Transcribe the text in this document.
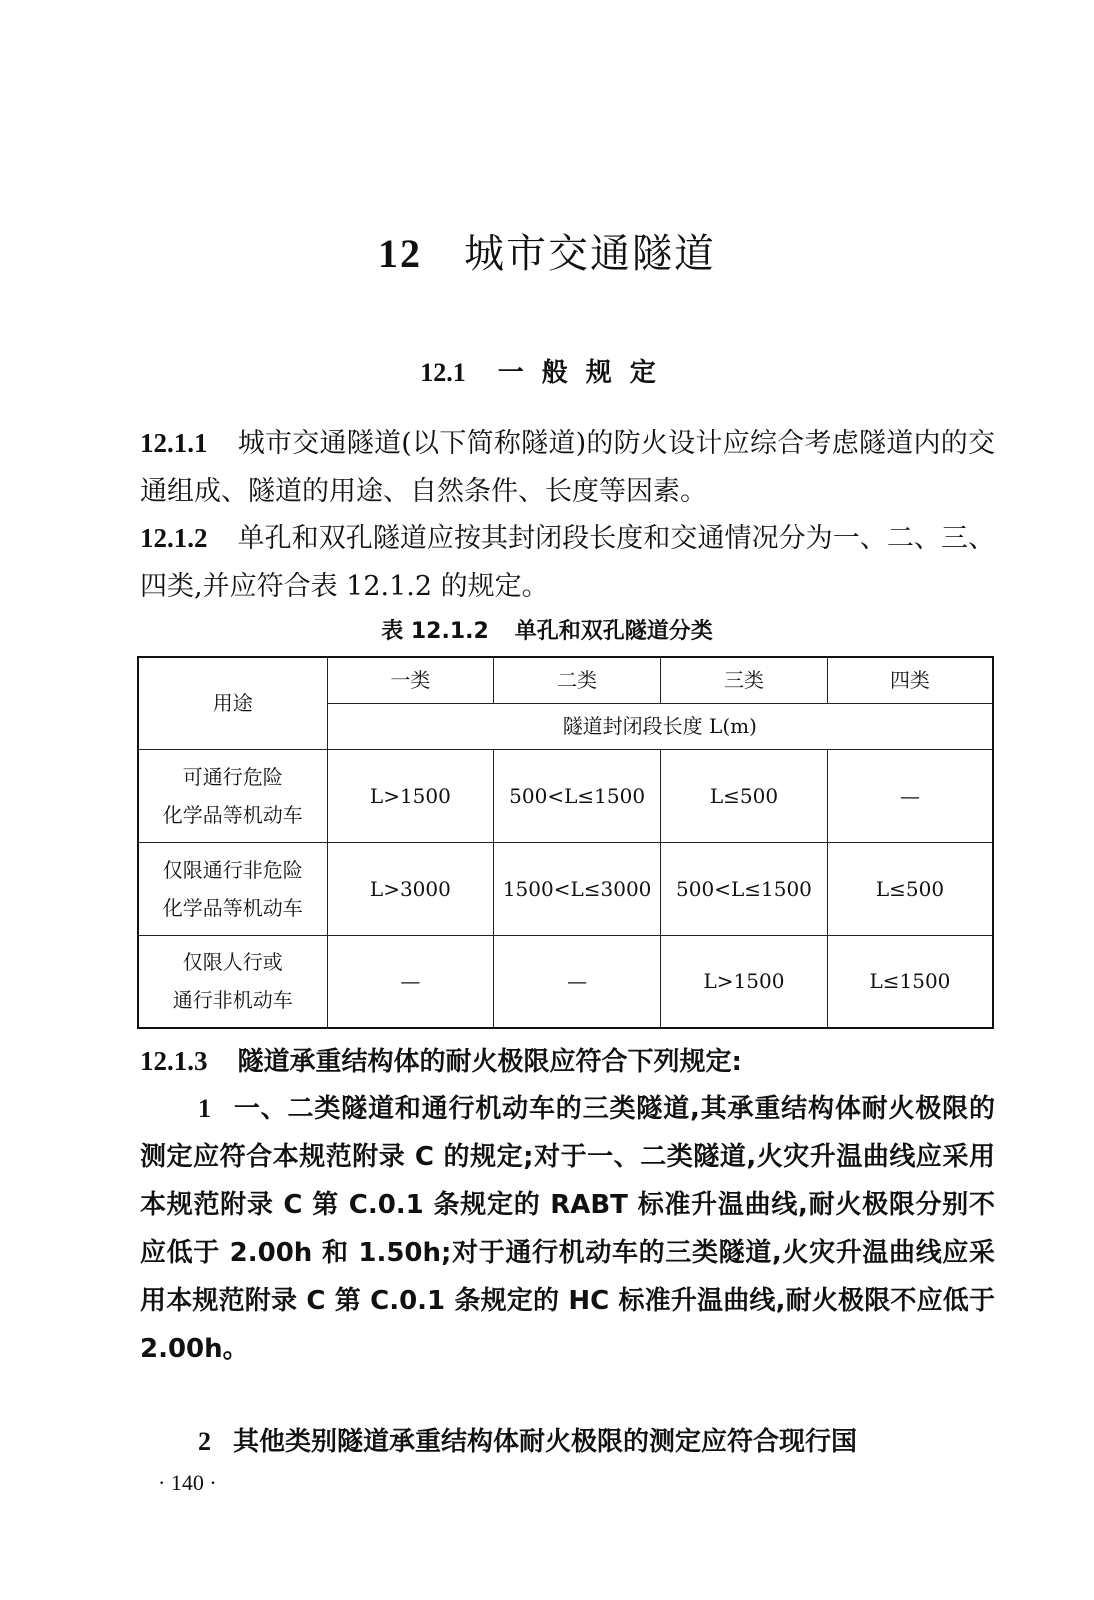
12 城市交通隧道
12.1 一般规定
12.1.1 城市交通隧道(以下简称隧道)的防火设计应综合考虑隧道内的交通组成、隧道的用途、自然条件、长度等因素。
12.1.2 单孔和双孔隧道应按其封闭段长度和交通情况分为一、二、三、四类,并应符合表 12.1.2 的规定。
表 12.1.2 单孔和双孔隧道分类
用途	一类	二类	三类	四类
	隧道封闭段长度 L(m)			

可通行危险
化学品等机动车	L>1500	500<L≤1500	L≤500	—

仅限通行非危险
化学品等机动车	L>3000	1500<L≤3000	500<L≤1500	L≤500

仅限人行或
通行非机动车	—	—	L>1500	L≤1500
12.1.3 隧道承重结构体的耐火极限应符合下列规定:
1 一、二类隧道和通行机动车的三类隧道,其承重结构体耐火极限的测定应符合本规范附录 C 的规定;对于一、二类隧道,火灾升温曲线应采用本规范附录 C 第 C.0.1 条规定的 RABT 标准升温曲线,耐火极限分别不应低于 2.00h 和 1.50h;对于通行机动车的三类隧道,火灾升温曲线应采用本规范附录 C 第 C.0.1 条规定的 HC 标准升温曲线,耐火极限不应低于 2.00h。
2 其他类别隧道承重结构体耐火极限的测定应符合现行国
· 140 ·
